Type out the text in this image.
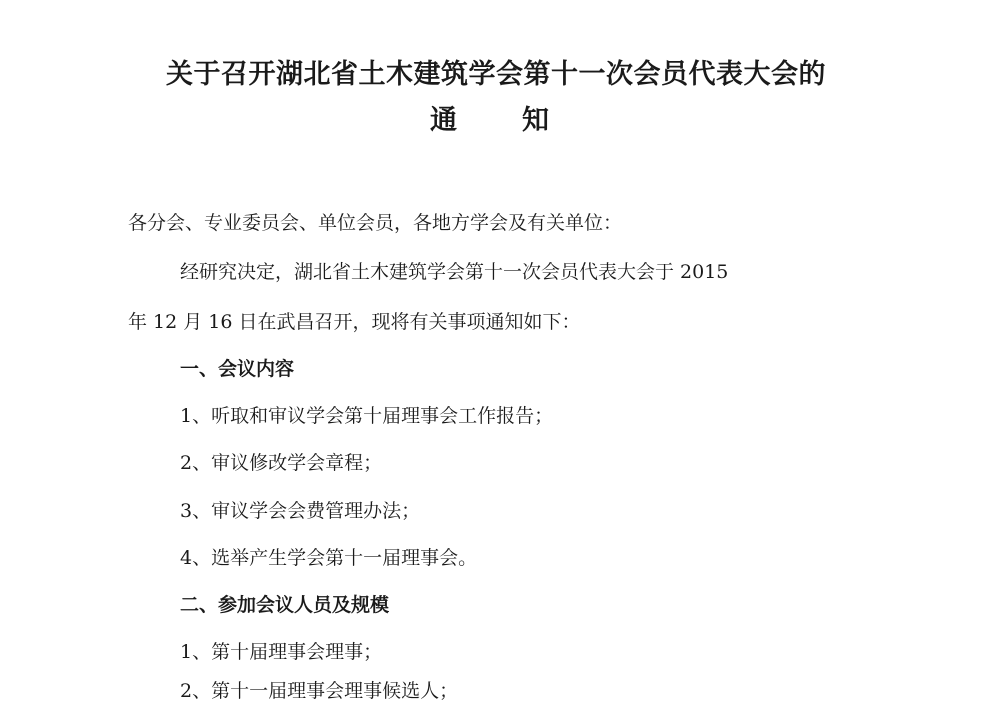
关于召开湖北省土木建筑学会第十一次会员代表大会的
通 知
各分会、专业委员会、单位会员，各地方学会及有关单位：
经研究决定，湖北省土木建筑学会第十一次会员代表大会于 2015
年 12 月 16 日在武昌召开，现将有关事项通知如下：
一、会议内容
1、听取和审议学会第十届理事会工作报告；
2、审议修改学会章程；
3、审议学会会费管理办法；
4、选举产生学会第十一届理事会。
二、参加会议人员及规模
1、第十届理事会理事；
2、第十一届理事会理事候选人；
